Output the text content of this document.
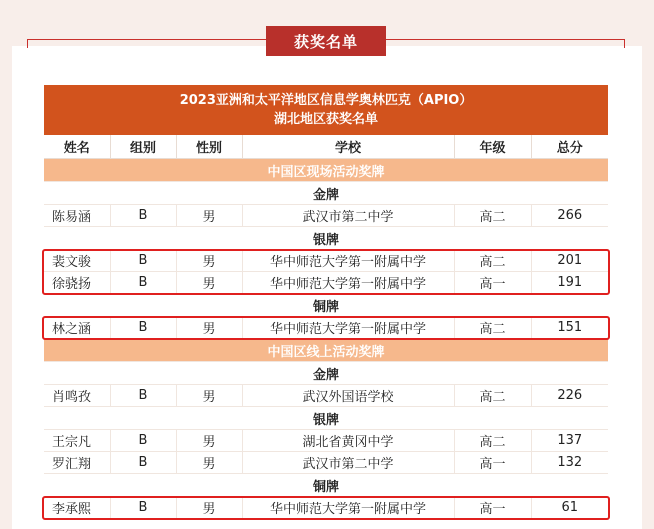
获奖名单
2023亚洲和太平洋地区信息学奥林匹克（APIO）
湖北地区获奖名单					

姓名	组别	性别	学校	年级	总分
中国区现场活动奖牌					
金牌					
陈易涵	B	男	武汉市第二中学	高二	266
银牌					
裴文骏	B	男	华中师范大学第一附属中学	高二	201
徐骁扬	B	男	华中师范大学第一附属中学	高一	191
铜牌					
林之涵	B	男	华中师范大学第一附属中学	高二	151
中国区线上活动奖牌					
金牌					
肖鸣孜	B	男	武汉外国语学校	高二	226
银牌					
王宗凡	B	男	湖北省黄冈中学	高二	137
罗汇翔	B	男	武汉市第二中学	高一	132
铜牌					
李承熙	B	男	华中师范大学第一附属中学	高一	61
